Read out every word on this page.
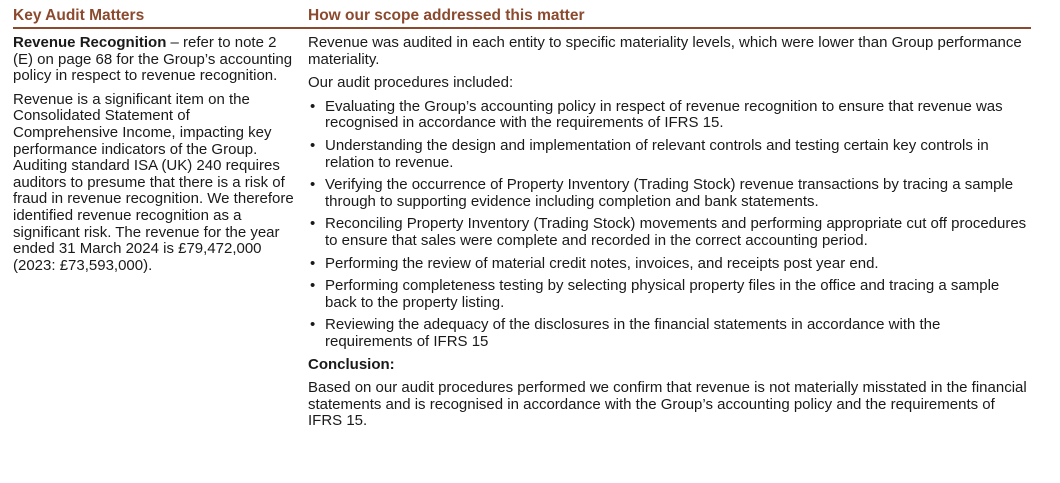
Key Audit Matters	How our scope addressed this matter

Revenue Recognition – refer to note 2 (E) on page 68 for the Group’s accounting policy in respect to revenue recognition.

Revenue is a significant item on the Consolidated Statement of Comprehensive Income, impacting key performance indicators of the Group. Auditing standard ISA (UK) 240 requires auditors to presume that there is a risk of fraud in revenue recognition. We therefore identified revenue recognition as a significant risk. The revenue for the year ended 31 March 2024 is £79,472,000 (2023: £73,593,000).

Revenue was audited in each entity to specific materiality levels, which were lower than Group performance materiality.

Our audit procedures included:

• Evaluating the Group’s accounting policy in respect of revenue recognition to ensure that revenue was recognised in accordance with the requirements of IFRS 15.
• Understanding the design and implementation of relevant controls and testing certain key controls in relation to revenue.
• Verifying the occurrence of Property Inventory (Trading Stock) revenue transactions by tracing a sample through to supporting evidence including completion and bank statements.
• Reconciling Property Inventory (Trading Stock) movements and performing appropriate cut off procedures to ensure that sales were complete and recorded in the correct accounting period.
• Performing the review of material credit notes, invoices, and receipts post year end.
• Performing completeness testing by selecting physical property files in the office and tracing a sample back to the property listing.
• Reviewing the adequacy of the disclosures in the financial statements in accordance with the requirements of IFRS 15

Conclusion:

Based on our audit procedures performed we confirm that revenue is not materially misstated in the financial statements and is recognised in accordance with the Group’s accounting policy and the requirements of IFRS 15.
